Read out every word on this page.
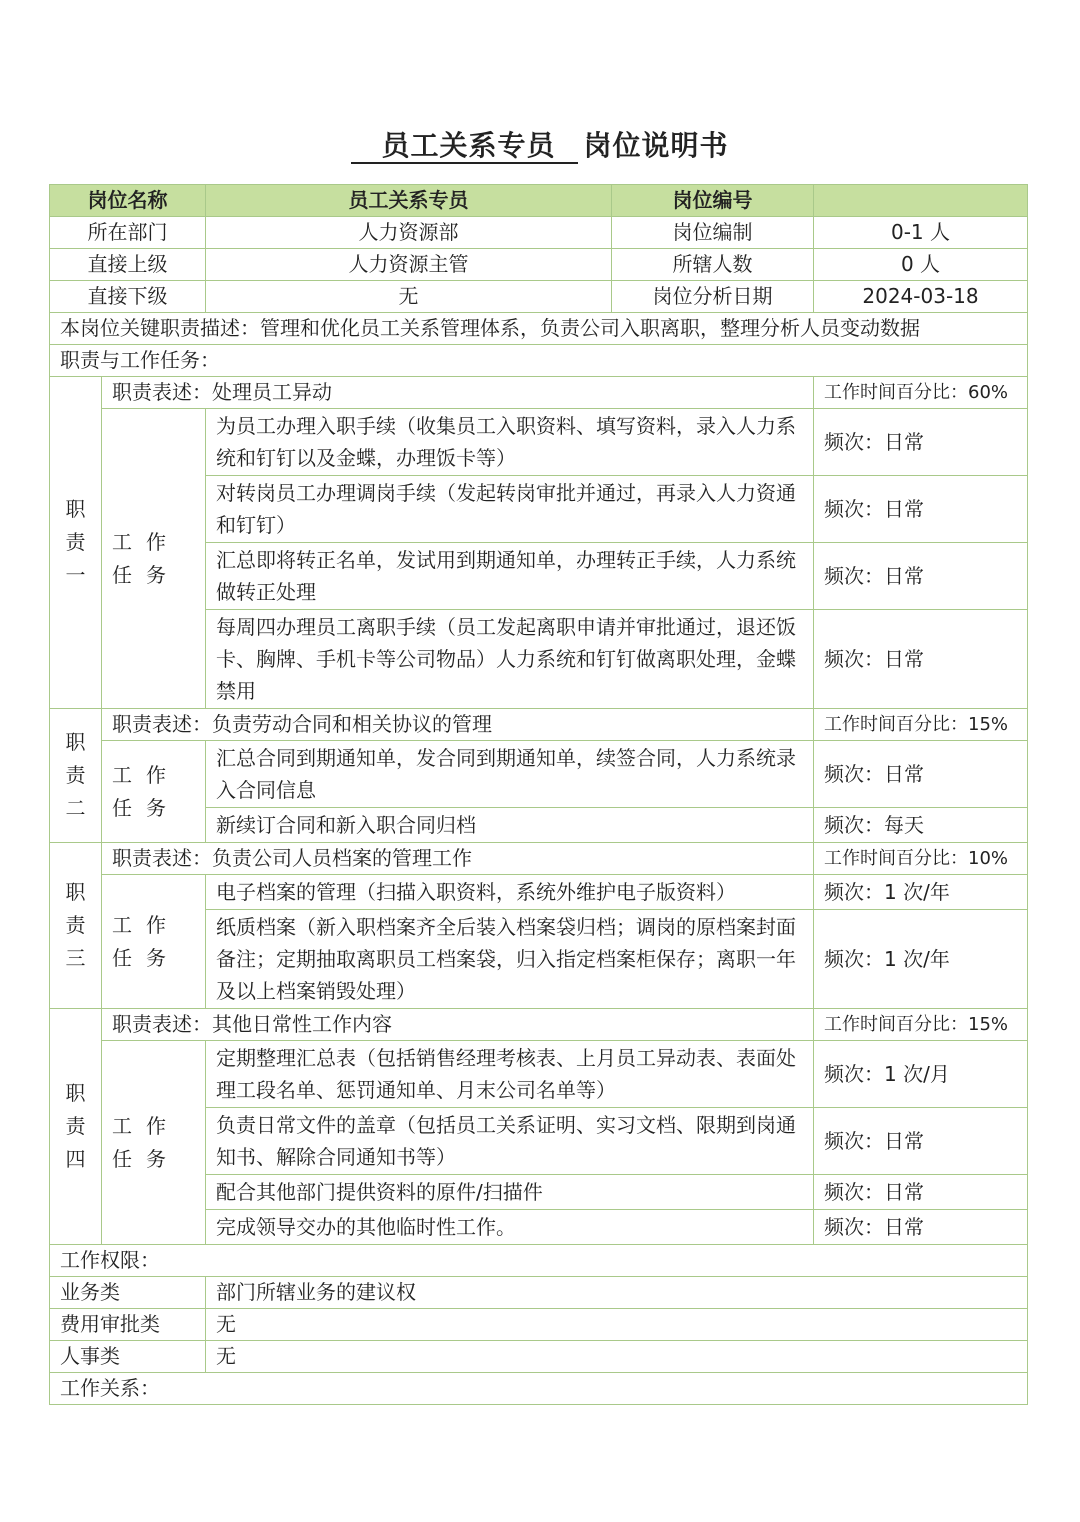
员工关系专员 岗位说明书
岗位名称		员工关系专员	岗位编号	
所在部门		人力资源部	岗位编制	0-1 人
直接上级		人力资源主管	所辖人数	0 人
直接下级		无	岗位分析日期	2024-03-18
本岗位关键职责描述：管理和优化员工关系管理体系，负责公司入职离职，整理分析人员变动数据				
职责与工作任务：				
职
责
一	职责表述：处理员工异动			工作时间百分比：60%
	工作任务	为员工办理入职手续（收集员工入职资料、填写资料，录入人力系统和钉钉以及金蝶，办理饭卡等）		频次：日常
		对转岗员工办理调岗手续（发起转岗审批并通过，再录入人力资通和钉钉）		频次：日常
		汇总即将转正名单，发试用到期通知单，办理转正手续，人力系统做转正处理		频次：日常
		每周四办理员工离职手续（员工发起离职申请并审批通过，退还饭卡、胸牌、手机卡等公司物品）人力系统和钉钉做离职处理，金蝶禁用		频次：日常
职
责
二	职责表述：负责劳动合同和相关协议的管理			工作时间百分比：15%
	工作任务	汇总合同到期通知单，发合同到期通知单，续签合同，人力系统录入合同信息		频次：日常
		新续订合同和新入职合同归档		频次：每天
职
责
三	职责表述：负责公司人员档案的管理工作			工作时间百分比：10%
	工作任务	电子档案的管理（扫描入职资料，系统外维护电子版资料）		频次：1 次/年
		纸质档案（新入职档案齐全后装入档案袋归档；调岗的原档案封面备注；定期抽取离职员工档案袋，归入指定档案柜保存；离职一年及以上档案销毁处理）		频次：1 次/年
职
责
四	职责表述：其他日常性工作内容			工作时间百分比：15%
	工作任务	定期整理汇总表（包括销售经理考核表、上月员工异动表、表面处理工段名单、惩罚通知单、月末公司名单等）		频次：1 次/月
		负责日常文件的盖章（包括员工关系证明、实习文档、限期到岗通知书、解除合同通知书等）		频次：日常
		配合其他部门提供资料的原件/扫描件		频次：日常
		完成领导交办的其他临时性工作。		频次：日常
工作权限：				
业务类		部门所辖业务的建议权		
费用审批类		无		
人事类		无		
工作关系：				
